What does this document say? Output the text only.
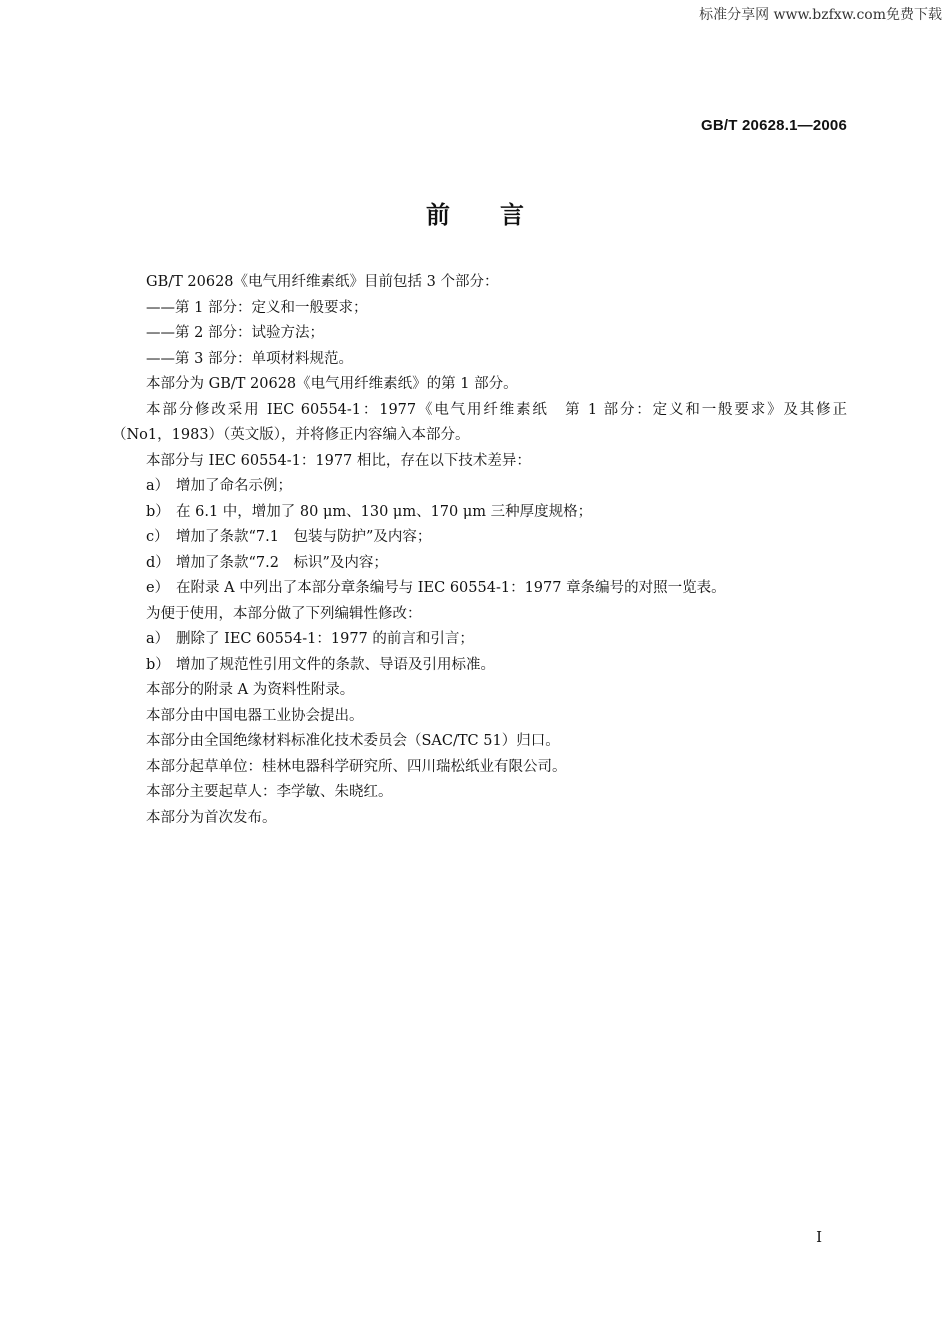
标准分享网 www.bzfxw.com免费下载
GB/T 20628.1—2006
前言
GB/T 20628《电气用纤维素纸》目前包括 3 个部分：
——第 1 部分：定义和一般要求；
——第 2 部分：试验方法；
——第 3 部分：单项材料规范。
本部分为 GB/T 20628《电气用纤维素纸》的第 1 部分。
本部分修改采用 IEC 60554-1：1977《电气用纤维素纸　第 1 部分：定义和一般要求》及其修正
（No1，1983）（英文版），并将修正内容编入本部分。
本部分与 IEC 60554-1：1977 相比，存在以下技术差异：
a） 增加了命名示例；
b） 在 6.1 中，增加了 80 μm、130 μm、170 μm 三种厚度规格；
c） 增加了条款“7.1　包装与防护”及内容；
d） 增加了条款“7.2　标识”及内容；
e） 在附录 A 中列出了本部分章条编号与 IEC 60554-1：1977 章条编号的对照一览表。
为便于使用，本部分做了下列编辑性修改：
a） 删除了 IEC 60554-1：1977 的前言和引言；
b） 增加了规范性引用文件的条款、导语及引用标准。
本部分的附录 A 为资料性附录。
本部分由中国电器工业协会提出。
本部分由全国绝缘材料标准化技术委员会（SAC/TC 51）归口。
本部分起草单位：桂林电器科学研究所、四川瑞松纸业有限公司。
本部分主要起草人：李学敏、朱晓红。
本部分为首次发布。
I
